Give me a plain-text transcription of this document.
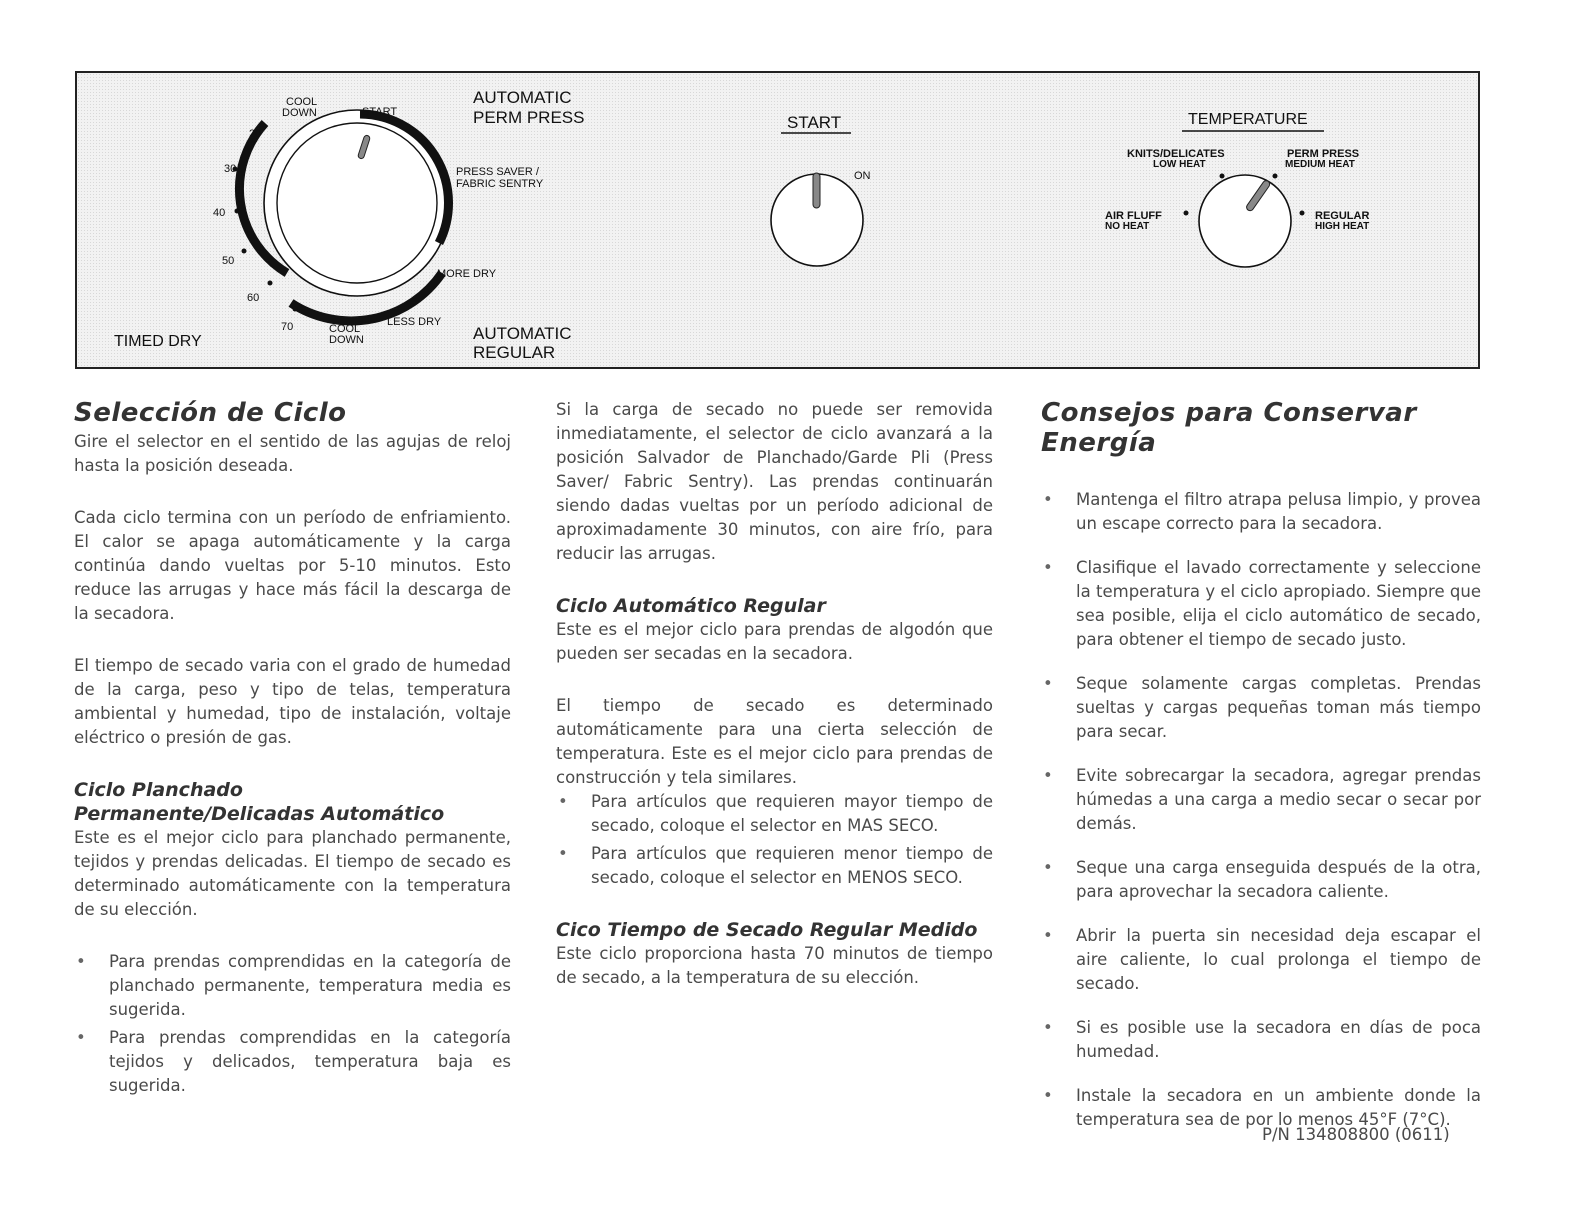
COOL
DOWN	START
AUTOMATIC
PERM PRESS
PRESS SAVER /
FABRIC SENTRY
MORE DRY
LESS DRY
COOL
DOWN	AUTOMATIC
REGULAR
TIMED DRY
20
30
40
50
60
70
START
ON
TEMPERATURE
KNITS/DELICATES
LOW HEAT
PERM PRESS
MEDIUM HEAT
AIR FLUFF
NO HEAT
REGULAR
HIGH HEAT
Selección de Ciclo

Gire el selector en el sentido de las agujas de reloj hasta la posición deseada.

Cada ciclo termina con un período de enfriamiento. El calor se apaga automáticamente y la carga continúa dando vueltas por 5-10 minutos. Esto reduce las arrugas y hace más fácil la descarga de la secadora.

El tiempo de secado varia con el grado de humedad de la carga, peso y tipo de telas, temperatura ambiental y humedad, tipo de instalación, voltaje eléctrico o presión de gas.

Ciclo Planchado Permanente/Delicadas Automático

Este es el mejor ciclo para planchado permanente, tejidos y prendas delicadas. El tiempo de secado es determinado automáticamente con la temperatura de su elección.

• Para prendas comprendidas en la categoría de planchado permanente, temperatura media es sugerida.
• Para prendas comprendidas en la categoría tejidos y delicados, temperatura baja es sugerida.

Si la carga de secado no puede ser removida inmediatamente, el selector de ciclo avanzará a la posición Salvador de Planchado/Garde Pli (Press Saver/ Fabric Sentry). Las prendas continuarán siendo dadas vueltas por un período adicional de aproximadamente 30 minutos, con aire frío, para reducir las arrugas.

Ciclo Automático Regular

Este es el mejor ciclo para prendas de algodón que pueden ser secadas en la secadora.

El tiempo de secado es determinado automáticamente para una cierta selección de temperatura. Este es el mejor ciclo para prendas de construcción y tela similares.

• Para artículos que requieren mayor tiempo de secado, coloque el selector en MAS SECO.
• Para artículos que requieren menor tiempo de secado, coloque el selector en MENOS SECO.
Cico Tiempo de Secado Regular Medido

Este ciclo proporciona hasta 70 minutos de tiempo de secado, a la temperatura de su elección.

Consejos para Conservar Energía
• Mantenga el filtro atrapa pelusa limpio, y provea un escape correcto para la secadora.
• Clasifique el lavado correctamente y seleccione la temperatura y el ciclo apropiado. Siempre que sea posible, elija el ciclo automático de secado, para obtener el tiempo de secado justo.
• Seque solamente cargas completas. Prendas sueltas y cargas pequeñas toman más tiempo para secar.
• Evite sobrecargar la secadora, agregar prendas húmedas a una carga a medio secar o secar por demás.
• Seque una carga enseguida después de la otra, para aprovechar la secadora caliente.
• Abrir la puerta sin necesidad deja escapar el aire caliente, lo cual prolonga el tiempo de secado.
• Si es posible use la secadora en días de poca humedad.
• Instale la secadora en un ambiente donde la temperatura sea de por lo menos 45°F (7°C).
P/N 134808800 (0611)
